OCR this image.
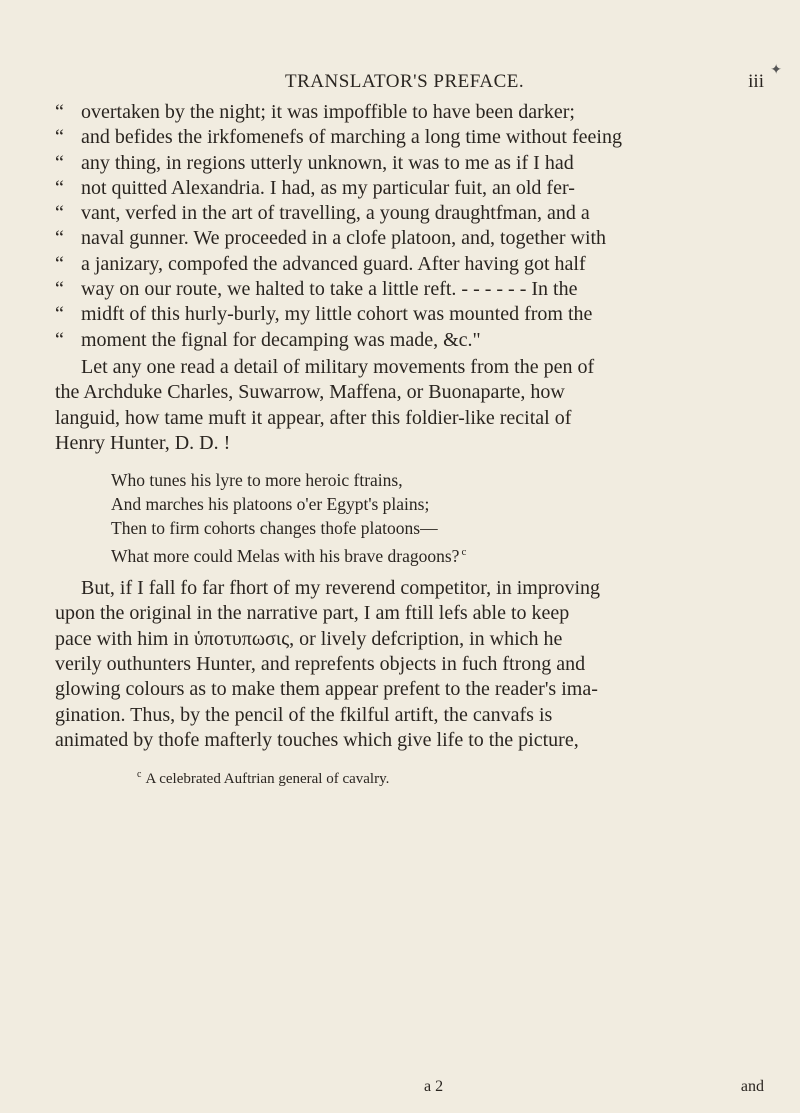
✦
TRANSLATOR'S PREFACE.	iii
“ overtaken by the night; it was impoffible to have been darker;
“ and befides the irkfomenefs of marching a long time without feeing
“ any thing, in regions utterly unknown, it was to me as if I had
“ not quitted Alexandria. I had, as my particular fuit, an old fer-
“ vant, verfed in the art of travelling, a young draughtfman, and a
“ naval gunner. We proceeded in a clofe platoon, and, together with
“ a janizary, compofed the advanced guard. After having got half
“ way on our route, we halted to take a little reft. - - - - - - In the
“ midft of this hurly-burly, my little cohort was mounted from the
“ moment the fignal for decamping was made, &c."
Let any one read a detail of military movements from the pen of
the Archduke Charles, Suwarrow, Maffena, or Buonaparte, how
languid, how tame muft it appear, after this foldier-like recital of
Henry Hunter, D. D. !
Who tunes his lyre to more heroic ftrains,
And marches his platoons o'er Egypt's plains;
Then to firm cohorts changes thofe platoons—
What more could Melas with his brave dragoons? $^c$
But, if I fall fo far fhort of my reverend competitor, in improving
upon the original in the narrative part, I am ftill lefs able to keep
pace with him in ὑποτυπωσις, or lively defcription, in which he
verily outhunters Hunter, and reprefents objects in fuch ftrong and
glowing colours as to make them appear prefent to the reader's ima-
gination. Thus, by the pencil of the fkilful artift, the canvafs is
animated by thofe mafterly touches which give life to the picture,
$^c$ A celebrated Auftrian general of cavalry.
a 2	and
